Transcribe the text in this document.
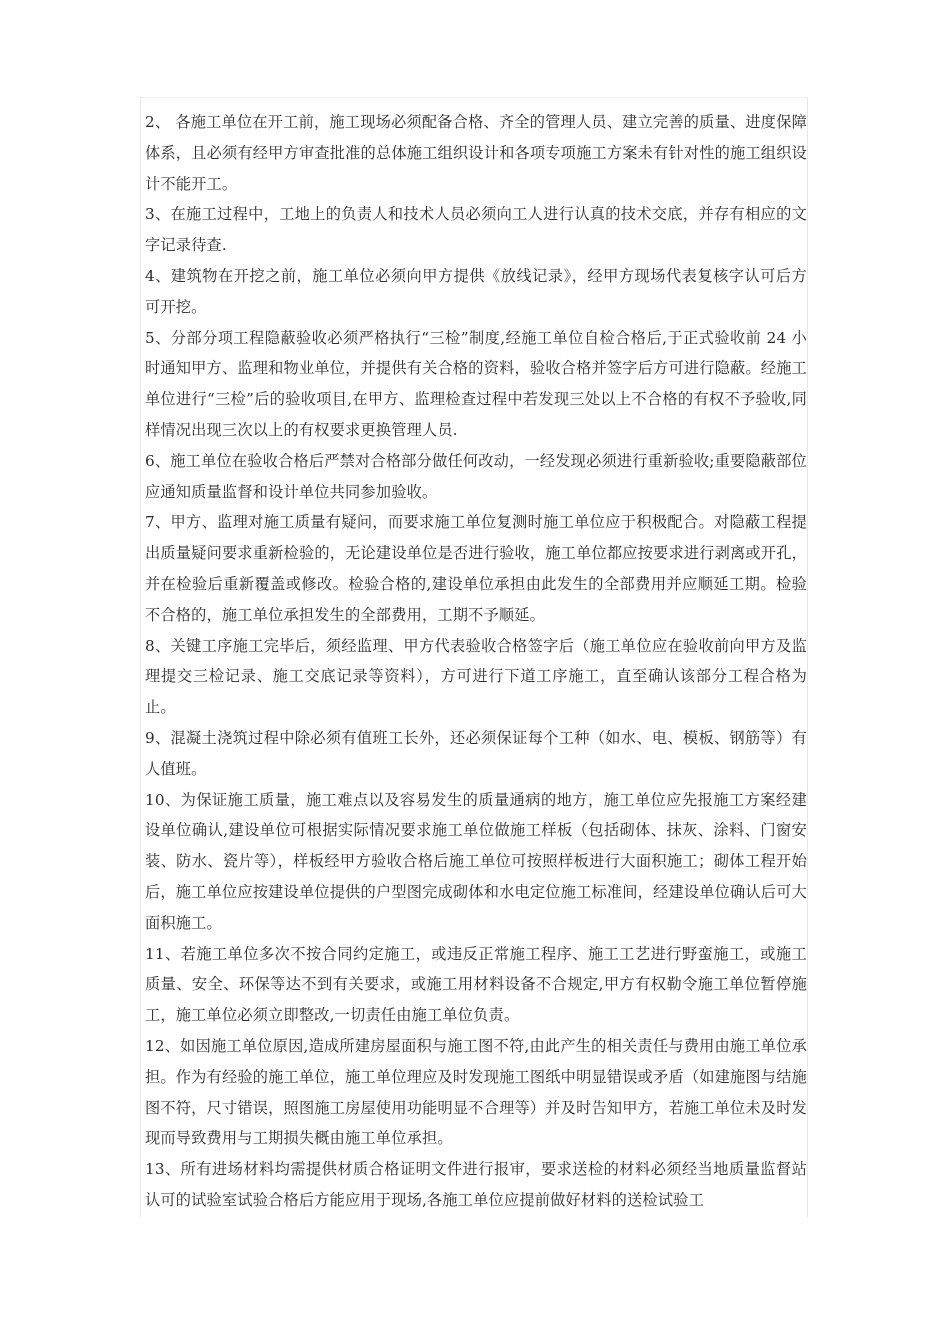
2、 各施工单位在开工前，施工现场必须配备合格、齐全的管理人员、建立完善的质量、进度保障体系，且必须有经甲方审查批准的总体施工组织设计和各项专项施工方案未有针对性的施工组织设计不能开工。

3、在施工过程中，工地上的负责人和技术人员必须向工人进行认真的技术交底，并存有相应的文字记录待查.

4、建筑物在开挖之前，施工单位必须向甲方提供《放线记录》，经甲方现场代表复核字认可后方可开挖。

5、分部分项工程隐蔽验收必须严格执行“三检”制度,经施工单位自检合格后,于正式验收前 24 小时通知甲方、监理和物业单位，并提供有关合格的资料，验收合格并签字后方可进行隐蔽。经施工单位进行“三检”后的验收项目,在甲方、监理检查过程中若发现三处以上不合格的有权不予验收,同样情况出现三次以上的有权要求更换管理人员.

6、施工单位在验收合格后严禁对合格部分做任何改动，一经发现必须进行重新验收;重要隐蔽部位应通知质量监督和设计单位共同参加验收。

7、甲方、监理对施工质量有疑问，而要求施工单位复测时施工单位应于积极配合。对隐蔽工程提出质量疑问要求重新检验的，无论建设单位是否进行验收，施工单位都应按要求进行剥离或开孔，并在检验后重新覆盖或修改。检验合格的,建设单位承担由此发生的全部费用并应顺延工期。检验不合格的，施工单位承担发生的全部费用，工期不予顺延。

8、关键工序施工完毕后，须经监理、甲方代表验收合格签字后（施工单位应在验收前向甲方及监理提交三检记录、施工交底记录等资料），方可进行下道工序施工，直至确认该部分工程合格为止。

9、混凝土浇筑过程中除必须有值班工长外，还必须保证每个工种（如水、电、模板、钢筋等）有人值班。

10、为保证施工质量，施工难点以及容易发生的质量通病的地方，施工单位应先报施工方案经建设单位确认,建设单位可根据实际情况要求施工单位做施工样板（包括砌体、抹灰、涂料、门窗安装、防水、瓷片等），样板经甲方验收合格后施工单位可按照样板进行大面积施工；砌体工程开始后，施工单位应按建设单位提供的户型图完成砌体和水电定位施工标准间，经建设单位确认后可大面积施工。

11、若施工单位多次不按合同约定施工，或违反正常施工程序、施工工艺进行野蛮施工，或施工质量、安全、环保等达不到有关要求，或施工用材料设备不合规定,甲方有权勒令施工单位暂停施工，施工单位必须立即整改,一切责任由施工单位负责。

12、如因施工单位原因,造成所建房屋面积与施工图不符,由此产生的相关责任与费用由施工单位承担。作为有经验的施工单位，施工单位理应及时发现施工图纸中明显错误或矛盾（如建施图与结施图不符，尺寸错误，照图施工房屋使用功能明显不合理等）并及时告知甲方，若施工单位未及时发现而导致费用与工期损失概由施工单位承担。

13、所有进场材料均需提供材质合格证明文件进行报审，要求送检的材料必须经当地质量监督站认可的试验室试验合格后方能应用于现场,各施工单位应提前做好材料的送检试验工
